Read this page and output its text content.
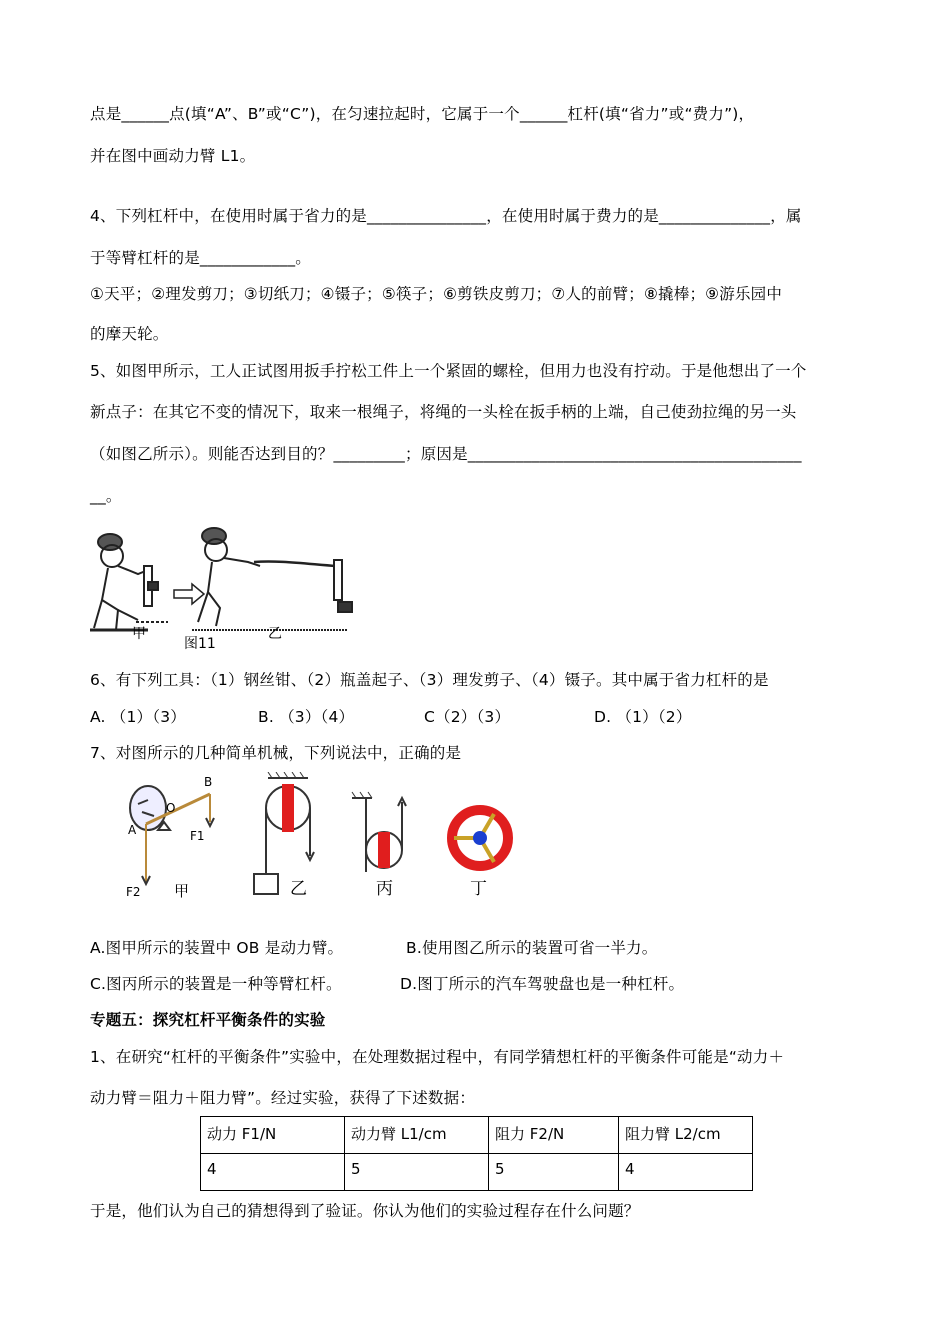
点是______点(填“A”、B”或“C”)，在匀速拉起时，它属于一个______杠杆(填“省力”或“费力”)，
并在图中画动力臂 L1。
4、下列杠杆中，在使用时属于省力的是_______________，在使用时属于费力的是______________，属
于等臂杠杆的是____________。
①天平；②理发剪刀；③切纸刀；④镊子；⑤筷子；⑥剪铁皮剪刀；⑦人的前臂；⑧撬棒；⑨游乐园中
的摩天轮。
5、如图甲所示，工人正试图用扳手拧松工件上一个紧固的螺栓，但用力也没有拧动。于是他想出了一个
新点子：在其它不变的情况下，取来一根绳子，将绳的一头栓在扳手柄的上端，自己使劲拉绳的另一头
（如图乙所示）。则能否达到目的？_________；原因是__________________________________________
__。
甲
图11
乙
6、有下列工具：（1）钢丝钳、（2）瓶盖起子、（3）理发剪子、（4）镊子。其中属于省力杠杆的是
A. （1）（3）	B. （3）（4）	C（2）（3）	D. （1）（2）
7、对图所示的几种简单机械，下列说法中，正确的是
B
O
A	F1
F2 甲	乙	丙	丁
A.图甲所示的装置中 OB 是动力臂。	B.使用图乙所示的装置可省一半力。
C.图丙所示的装置是一种等臂杠杆。	D.图丁所示的汽车驾驶盘也是一种杠杆。
专题五：探究杠杆平衡条件的实验
1、在研究“杠杆的平衡条件”实验中，在处理数据过程中，有同学猜想杠杆的平衡条件可能是“动力＋
动力臂＝阻力＋阻力臂”。经过实验，获得了下述数据：
动力 F1/N	动力臂 L1/cm	阻力 F2/N	阻力臂 L2/cm
4	5	5	4
于是，他们认为自己的猜想得到了验证。你认为他们的实验过程存在什么问题？
